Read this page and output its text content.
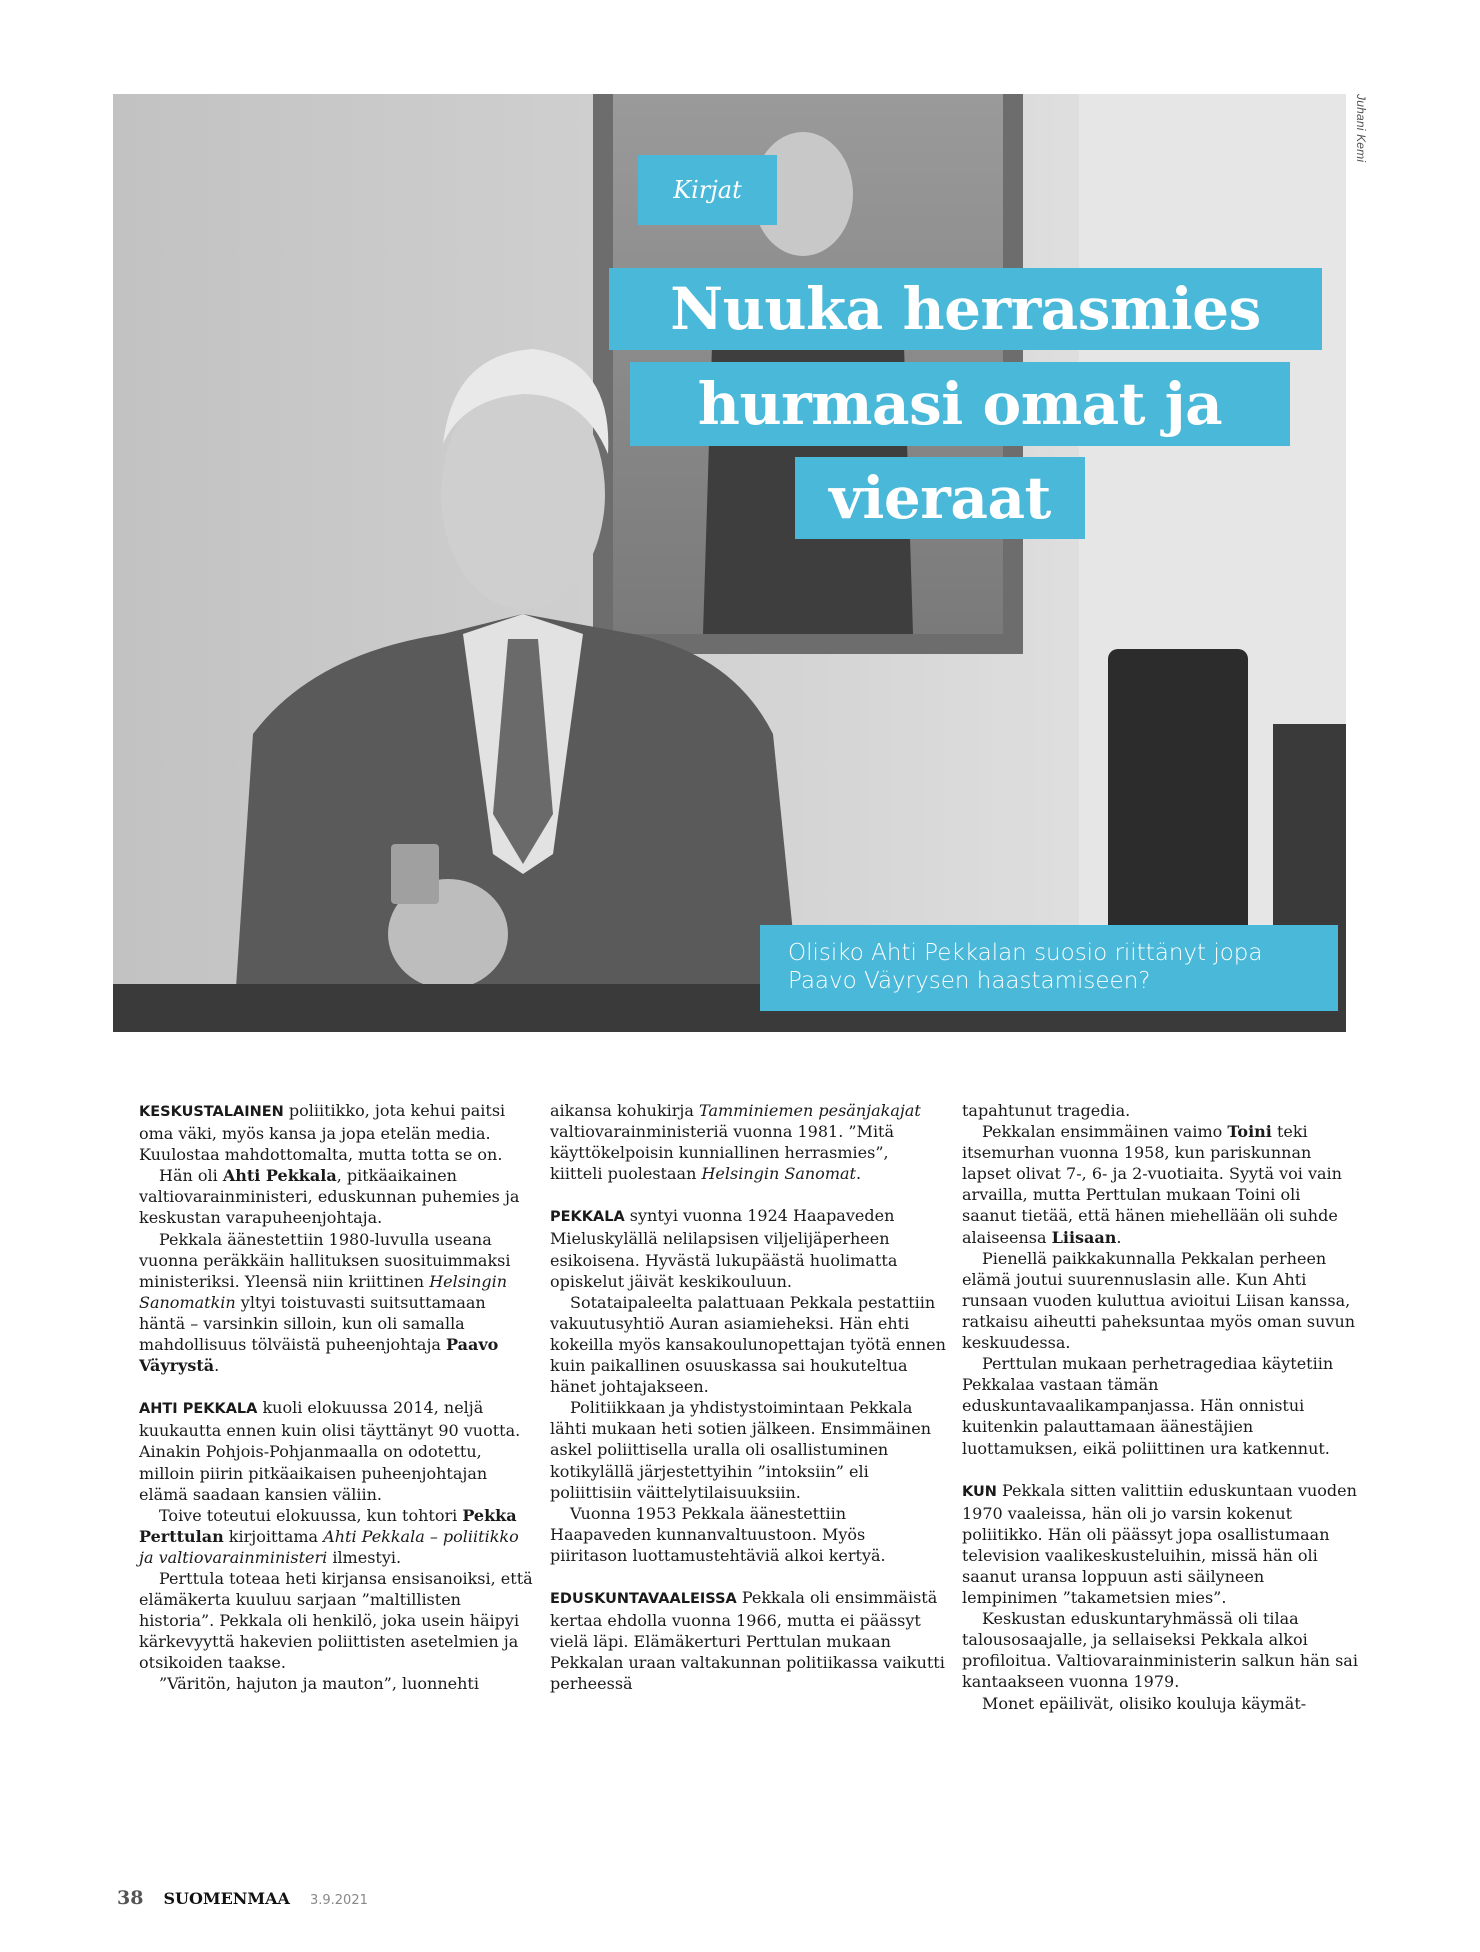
Juhani Kemi
Kirjat
Nuuka herrasmies
hurmasi omat ja
vieraat
Olisiko Ahti Pekkalan suosio riittänyt jopa
Paavo Väyrysen haastamiseen?

KESKUSTALAINEN poliitikko, jota kehui paitsi oma väki, myös kansa ja jopa etelän media. Kuulostaa mahdottomalta, mutta totta se on.

Hän oli Ahti Pekkala, pitkäaikainen valtiovarainministeri, eduskunnan puhemies ja keskustan varapuheenjohtaja.

Pekkala äänestettiin 1980-luvulla useana vuonna peräkkäin hallituksen suosituimmaksi ministeriksi. Yleensä niin kriittinen Helsingin Sanomatkin yltyi toistuvasti suitsuttamaan häntä – varsinkin silloin, kun oli samalla mahdollisuus tölväistä puheenjohtaja Paavo Väyrystä.

AHTI PEKKALA kuoli elokuussa 2014, neljä kuukautta ennen kuin olisi täyttänyt 90 vuotta. Ainakin Pohjois-Pohjanmaalla on odotettu, milloin piirin pitkäaikaisen puheenjohtajan elämä saadaan kansien väliin.

Toive toteutui elokuussa, kun tohtori Pekka Perttulan kirjoittama Ahti Pekkala – poliitikko ja valtiovarainministeri ilmestyi.

Perttula toteaa heti kirjansa ensisanoiksi, että elämäkerta kuuluu sarjaan ”maltillisten historia”. Pekkala oli henkilö, joka usein häipyi kärkevyyttä hakevien poliittisten asetelmien ja otsikoiden taakse.

”Väritön, hajuton ja mauton”, luonnehti

aikansa kohukirja Tamminiemen pesänjakajat valtiovarainministeriä vuonna 1981. ”Mitä käyttökelpoisin kunniallinen herrasmies”, kiitteli puolestaan Helsingin Sanomat.

PEKKALA syntyi vuonna 1924 Haapaveden Mieluskylällä nelilapsisen viljelijäperheen esikoisena. Hyvästä lukupäästä huolimatta opiskelut jäivät keskikouluun.

Sotataipaleelta palattuaan Pekkala pestattiin vakuutusyhtiö Auran asiamieheksi. Hän ehti kokeilla myös kansakoulunopettajan työtä ennen kuin paikallinen osuuskassa sai houkuteltua hänet johtajakseen.

Politiikkaan ja yhdistystoimintaan Pekkala lähti mukaan heti sotien jälkeen. Ensimmäinen askel poliittisella uralla oli osallistuminen kotikylällä järjestettyihin ”intoksiin” eli poliittisiin väittelytilaisuuksiin.

Vuonna 1953 Pekkala äänestettiin Haapaveden kunnanvaltuustoon. Myös piiritason luottamustehtäviä alkoi kertyä.

EDUSKUNTAVAALEISSA Pekkala oli ensimmäistä kertaa ehdolla vuonna 1966, mutta ei päässyt vielä läpi. Elämäkerturi Perttulan mukaan Pekkalan uraan valtakunnan politiikassa vaikutti perheessä

tapahtunut tragedia.

Pekkalan ensimmäinen vaimo Toini teki itsemurhan vuonna 1958, kun pariskunnan lapset olivat 7-, 6- ja 2-vuotiaita. Syytä voi vain arvailla, mutta Perttulan mukaan Toini oli saanut tietää, että hänen miehellään oli suhde alaiseensa Liisaan.

Pienellä paikkakunnalla Pekkalan perheen elämä joutui suurennuslasin alle. Kun Ahti runsaan vuoden kuluttua avioitui Liisan kanssa, ratkaisu aiheutti paheksuntaa myös oman suvun keskuudessa.

Perttulan mukaan perhetragediaa käytetiin Pekkalaa vastaan tämän eduskuntavaalikampanjassa. Hän onnistui kuitenkin palauttamaan äänestäjien luottamuksen, eikä poliittinen ura katkennut.

KUN Pekkala sitten valittiin eduskuntaan vuoden 1970 vaaleissa, hän oli jo varsin kokenut poliitikko. Hän oli päässyt jopa osallistumaan television vaalikeskusteluihin, missä hän oli saanut uransa loppuun asti säilyneen lempinimen ”takametsien mies”.

Keskustan eduskuntaryhmässä oli tilaa talousosaajalle, ja sellaiseksi Pekkala alkoi profiloitua. Valtiovarainministerin salkun hän sai kantaakseen vuonna 1979.

Monet epäilivät, olisiko kouluja käymät-

38 SUOMENMAA 3.9.2021
